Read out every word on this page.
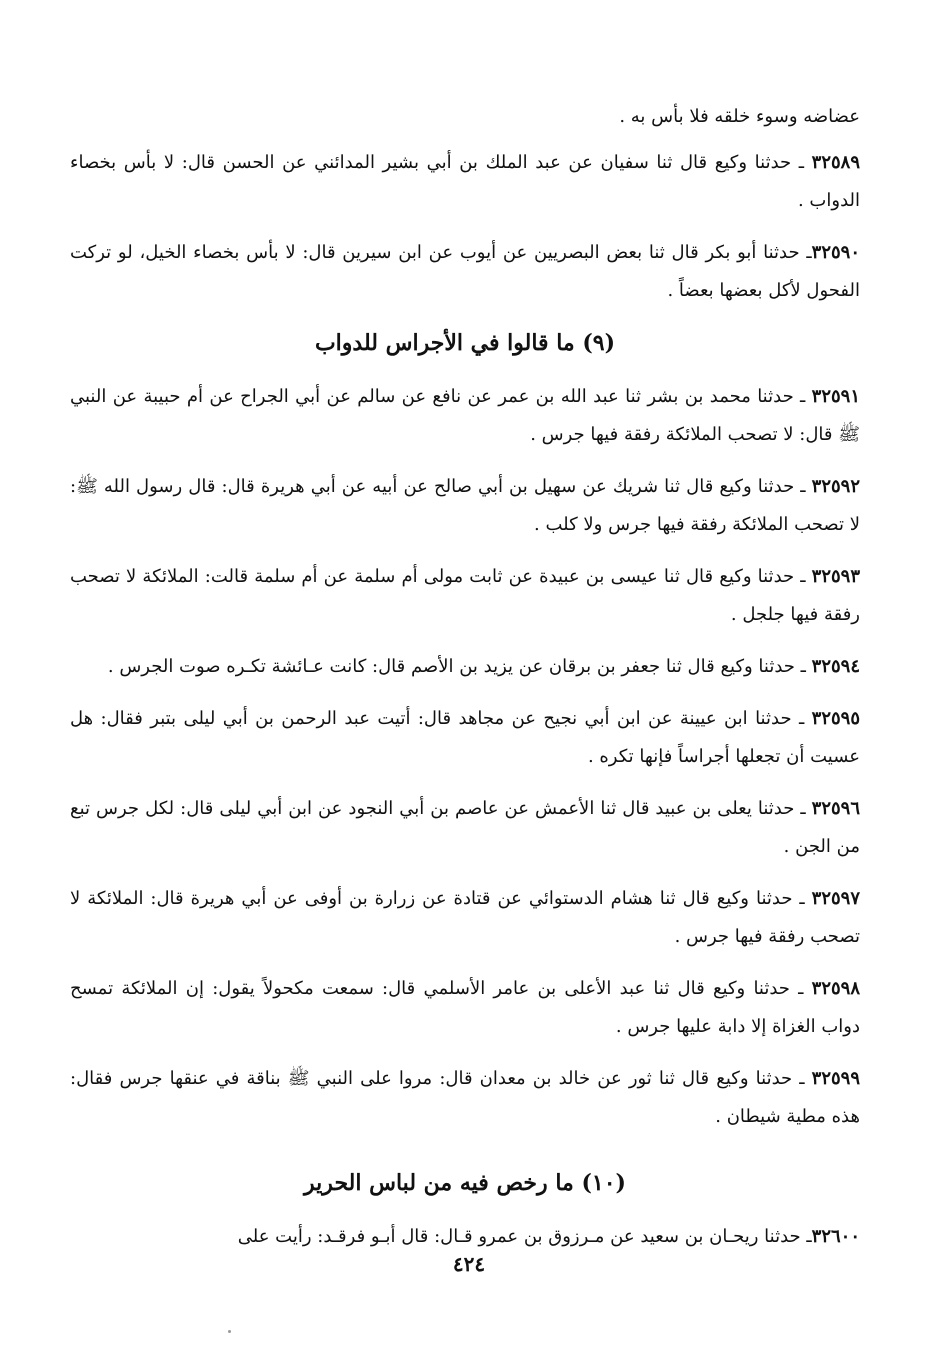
عضاضه وسوء خلقه فلا بأس به .

٣٢٥٨٩ ـ حدثنا وكيع قال ثنا سفيان عن عبد الملك بن أبي بشير المدائني عن الحسن قال: لا بأس بخصاء الدواب .

٣٢٥٩٠ـ حدثنا أبو بكر قال ثنا بعض البصريين عن أيوب عن ابن سيرين قال: لا بأس بخصاء الخيل، لو تركت الفحول لأكل بعضها بعضاً .

(٩) ما قالوا في الأجراس للدواب

٣٢٥٩١ ـ حدثنا محمد بن بشر ثنا عبد الله بن عمر عن نافع عن سالم عن أبي الجراح عن أم حبيبة عن النبي ﷺ قال: لا تصحب الملائكة رفقة فيها جرس .

٣٢٥٩٢ ـ حدثنا وكيع قال ثنا شريك عن سهيل بن أبي صالح عن أبيه عن أبي هريرة قال: قال رسول الله ﷺ: لا تصحب الملائكة رفقة فيها جرس ولا كلب .

٣٢٥٩٣ ـ حدثنا وكيع قال ثنا عيسى بن عبيدة عن ثابت مولى أم سلمة عن أم سلمة قالت: الملائكة لا تصحب رفقة فيها جلجل .

٣٢٥٩٤ ـ حدثنا وكيع قال ثنا جعفر بن برقان عن يزيد بن الأصم قال: كانت عـائشة تكـره صوت الجرس .

٣٢٥٩٥ ـ حدثنا ابن عيينة عن ابن أبي نجيح عن مجاهد قال: أتيت عبد الرحمن بن أبي ليلى بتبر فقال: هل عسيت أن تجعلها أجراساً فإنها تكره .

٣٢٥٩٦ ـ حدثنا يعلى بن عبيد قال ثنا الأعمش عن عاصم بن أبي النجود عن ابن أبي ليلى قال: لكل جرس تبع من الجن .

٣٢٥٩٧ ـ حدثنا وكيع قال ثنا هشام الدستوائي عن قتادة عن زرارة بن أوفى عن أبي هريرة قال: الملائكة لا تصحب رفقة فيها جرس .

٣٢٥٩٨ ـ حدثنا وكيع قال ثنا عبد الأعلى بن عامر الأسلمي قال: سمعت مكحولاً يقول: إن الملائكة تمسح دواب الغزاة إلا دابة عليها جرس .

٣٢٥٩٩ ـ حدثنا وكيع قال ثنا ثور عن خالد بن معدان قال: مروا على النبي ﷺ بناقة في عنقها جرس فقال: هذه مطية شيطان .

(١٠) ما رخص فيه من لباس الحرير

٣٢٦٠٠ـ حدثنا ريحـان بن سعيد عن مـرزوق بن عمرو قـال: قال أبـو فرقـد: رأيت على

٤٢٤
